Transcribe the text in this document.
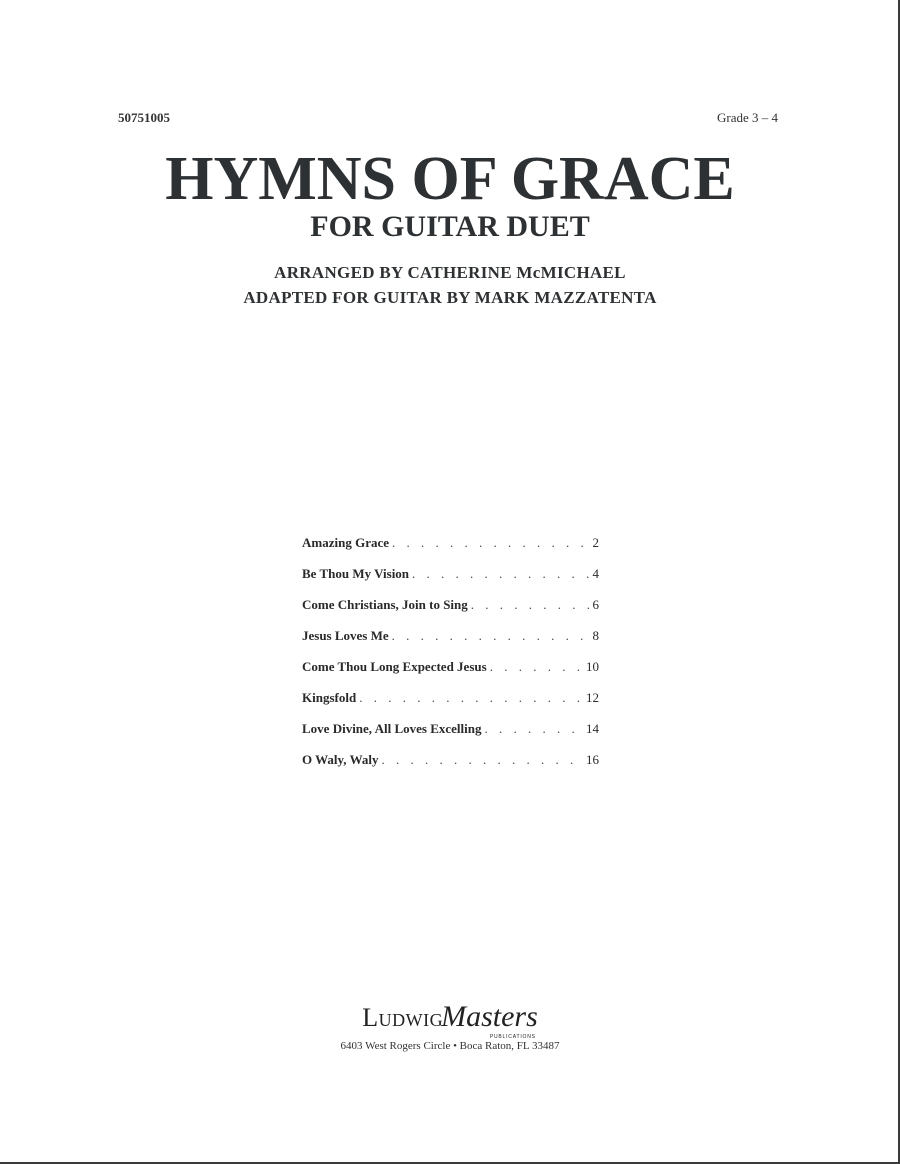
50751005	Grade 3 – 4
HYMNS OF GRACE
FOR GUITAR DUET
ARRANGED BY CATHERINE McMICHAEL
ADAPTED FOR GUITAR BY MARK MAZZATENTA
Amazing Grace . . .	2
Be Thou My Vision . . .	4
Come Christians, Join to Sing . . .	6
Jesus Loves Me . . .	8
Come Thou Long Expected Jesus . . .	10
Kingsfold . . .	12
Love Divine, All Loves Excelling . . .	14
O Waly, Waly . . .	16
LudwigMasters
PUBLICATIONS
6403 West Rogers Circle • Boca Raton, FL 33487
